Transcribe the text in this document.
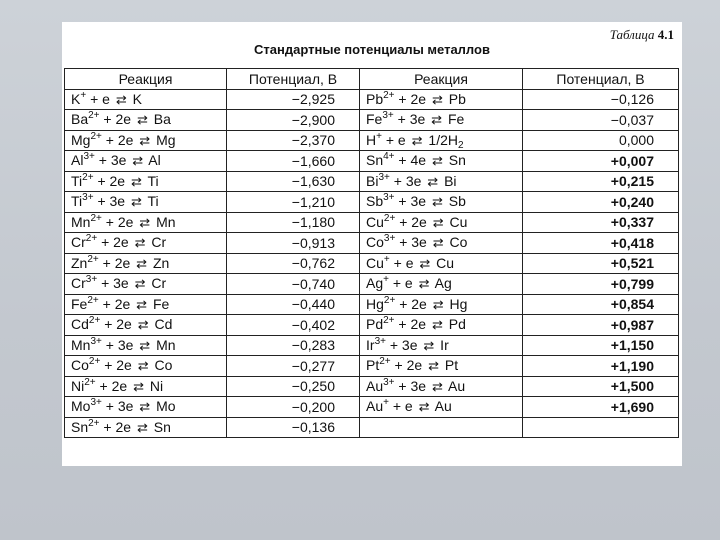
Таблица 4.1
Стандартные потенциалы металлов
Реакция	Потенциал, В	Реакция	Потенциал, В
K+ + e ⇄ K	−2,925	$Pb^{2+} + 2e$ ⇄ Pb	−0,126
$Ba^{2+} + 2e$ ⇄ Ba	−2,900	$Fe^{3+} + 3e$ ⇄ Fe	−0,037
$Mg^{2+} + 2e$ ⇄ Mg	−2,370	H+ + e ⇄ $1/2H_2$	0,000
$Al^{3+} + 3e$ ⇄ Al	−1,660	$Sn^{4+} + 4e$ ⇄ Sn	+0,007
$Ti^{2+} + 2e$ ⇄ Ti	−1,630	$Bi^{3+} + 3e$ ⇄ Bi	+0,215
$Ti^{3+} + 3e$ ⇄ Ti	−1,210	$Sb^{3+} + 3e$ ⇄ Sb	+0,240
$Mn^{2+} + 2e$ ⇄ Mn	−1,180	$Cu^{2+} + 2e$ ⇄ Cu	+0,337
$Cr^{2+} + 2e$ ⇄ Cr	−0,913	$Co^{3+} + 3e$ ⇄ Co	+0,418
$Zn^{2+} + 2e$ ⇄ Zn	−0,762	Cu+ + e ⇄ Cu	+0,521
$Cr^{3+} + 3e$ ⇄ Cr	−0,740	Ag+ + e ⇄ Ag	+0,799
$Fe^{2+} + 2e$ ⇄ Fe	−0,440	$Hg^{2+} + 2e$ ⇄ Hg	+0,854
$Cd^{2+} + 2e$ ⇄ Cd	−0,402	$Pd^{2+} + 2e$ ⇄ Pd	+0,987
$Mn^{3+} + 3e$ ⇄ Mn	−0,283	$Ir^{3+} + 3e$ ⇄ Ir	+1,150
$Co^{2+} + 2e$ ⇄ Co	−0,277	$Pt^{2+} + 2e$ ⇄ Pt	+1,190
$Ni^{2+} + 2e$ ⇄ Ni	−0,250	$Au^{3+} + 3e$ ⇄ Au	+1,500
$Mo^{3+} + 3e$ ⇄ Mo	−0,200	Au+ + e ⇄ Au	+1,690
$Sn^{2+} + 2e$ ⇄ Sn	−0,136		
